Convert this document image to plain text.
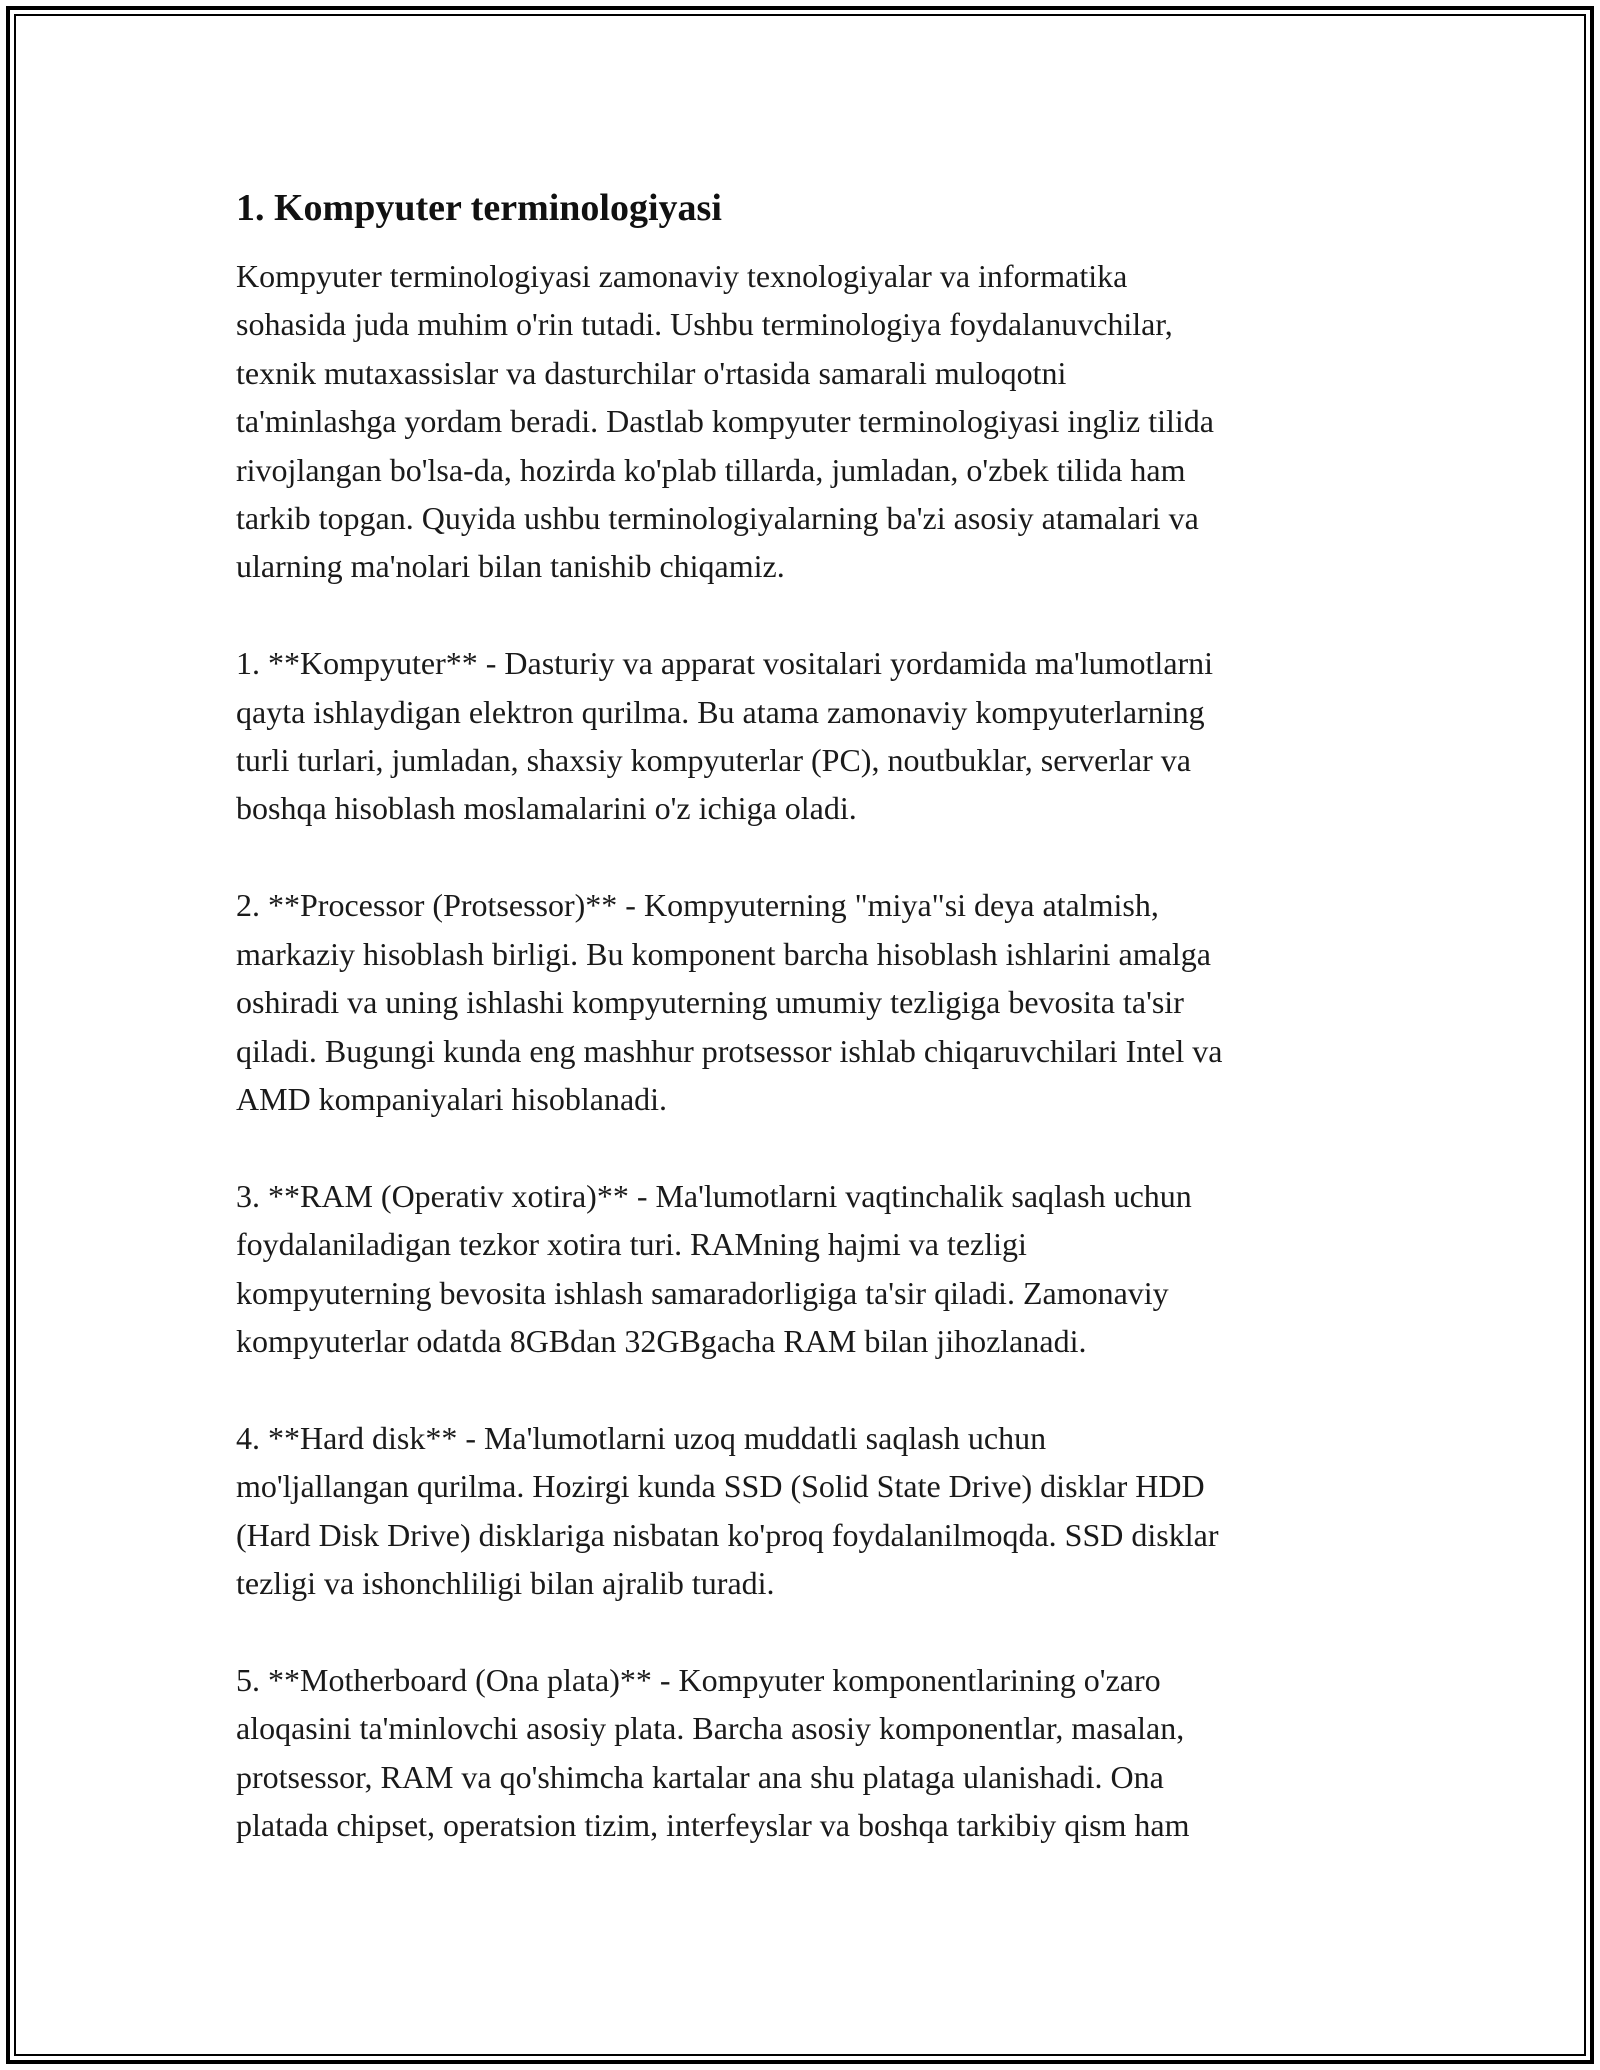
1. Kompyuter terminologiyasi

Kompyuter terminologiyasi zamonaviy texnologiyalar va informatika
sohasida juda muhim o'rin tutadi. Ushbu terminologiya foydalanuvchilar,
texnik mutaxassislar va dasturchilar o'rtasida samarali muloqotni
ta'minlashga yordam beradi. Dastlab kompyuter terminologiyasi ingliz tilida
rivojlangan bo'lsa-da, hozirda ko'plab tillarda, jumladan, o'zbek tilida ham
tarkib topgan. Quyida ushbu terminologiyalarning ba'zi asosiy atamalari va
ularning ma'nolari bilan tanishib chiqamiz.

1. **Kompyuter** - Dasturiy va apparat vositalari yordamida ma'lumotlarni
qayta ishlaydigan elektron qurilma. Bu atama zamonaviy kompyuterlarning
turli turlari, jumladan, shaxsiy kompyuterlar (PC), noutbuklar, serverlar va
boshqa hisoblash moslamalarini o'z ichiga oladi.

2. **Processor (Protsessor)** - Kompyuterning "miya"si deya atalmish,
markaziy hisoblash birligi. Bu komponent barcha hisoblash ishlarini amalga
oshiradi va uning ishlashi kompyuterning umumiy tezligiga bevosita ta'sir
qiladi. Bugungi kunda eng mashhur protsessor ishlab chiqaruvchilari Intel va
AMD kompaniyalari hisoblanadi.

3. **RAM (Operativ xotira)** - Ma'lumotlarni vaqtinchalik saqlash uchun
foydalaniladigan tezkor xotira turi. RAMning hajmi va tezligi
kompyuterning bevosita ishlash samaradorligiga ta'sir qiladi. Zamonaviy
kompyuterlar odatda 8GBdan 32GBgacha RAM bilan jihozlanadi.

4. **Hard disk** - Ma'lumotlarni uzoq muddatli saqlash uchun
mo'ljallangan qurilma. Hozirgi kunda SSD (Solid State Drive) disklar HDD
(Hard Disk Drive) disklariga nisbatan ko'proq foydalanilmoqda. SSD disklar
tezligi va ishonchliligi bilan ajralib turadi.

5. **Motherboard (Ona plata)** - Kompyuter komponentlarining o'zaro
aloqasini ta'minlovchi asosiy plata. Barcha asosiy komponentlar, masalan,
protsessor, RAM va qo'shimcha kartalar ana shu plataga ulanishadi. Ona
platada chipset, operatsion tizim, interfeyslar va boshqa tarkibiy qism ham
